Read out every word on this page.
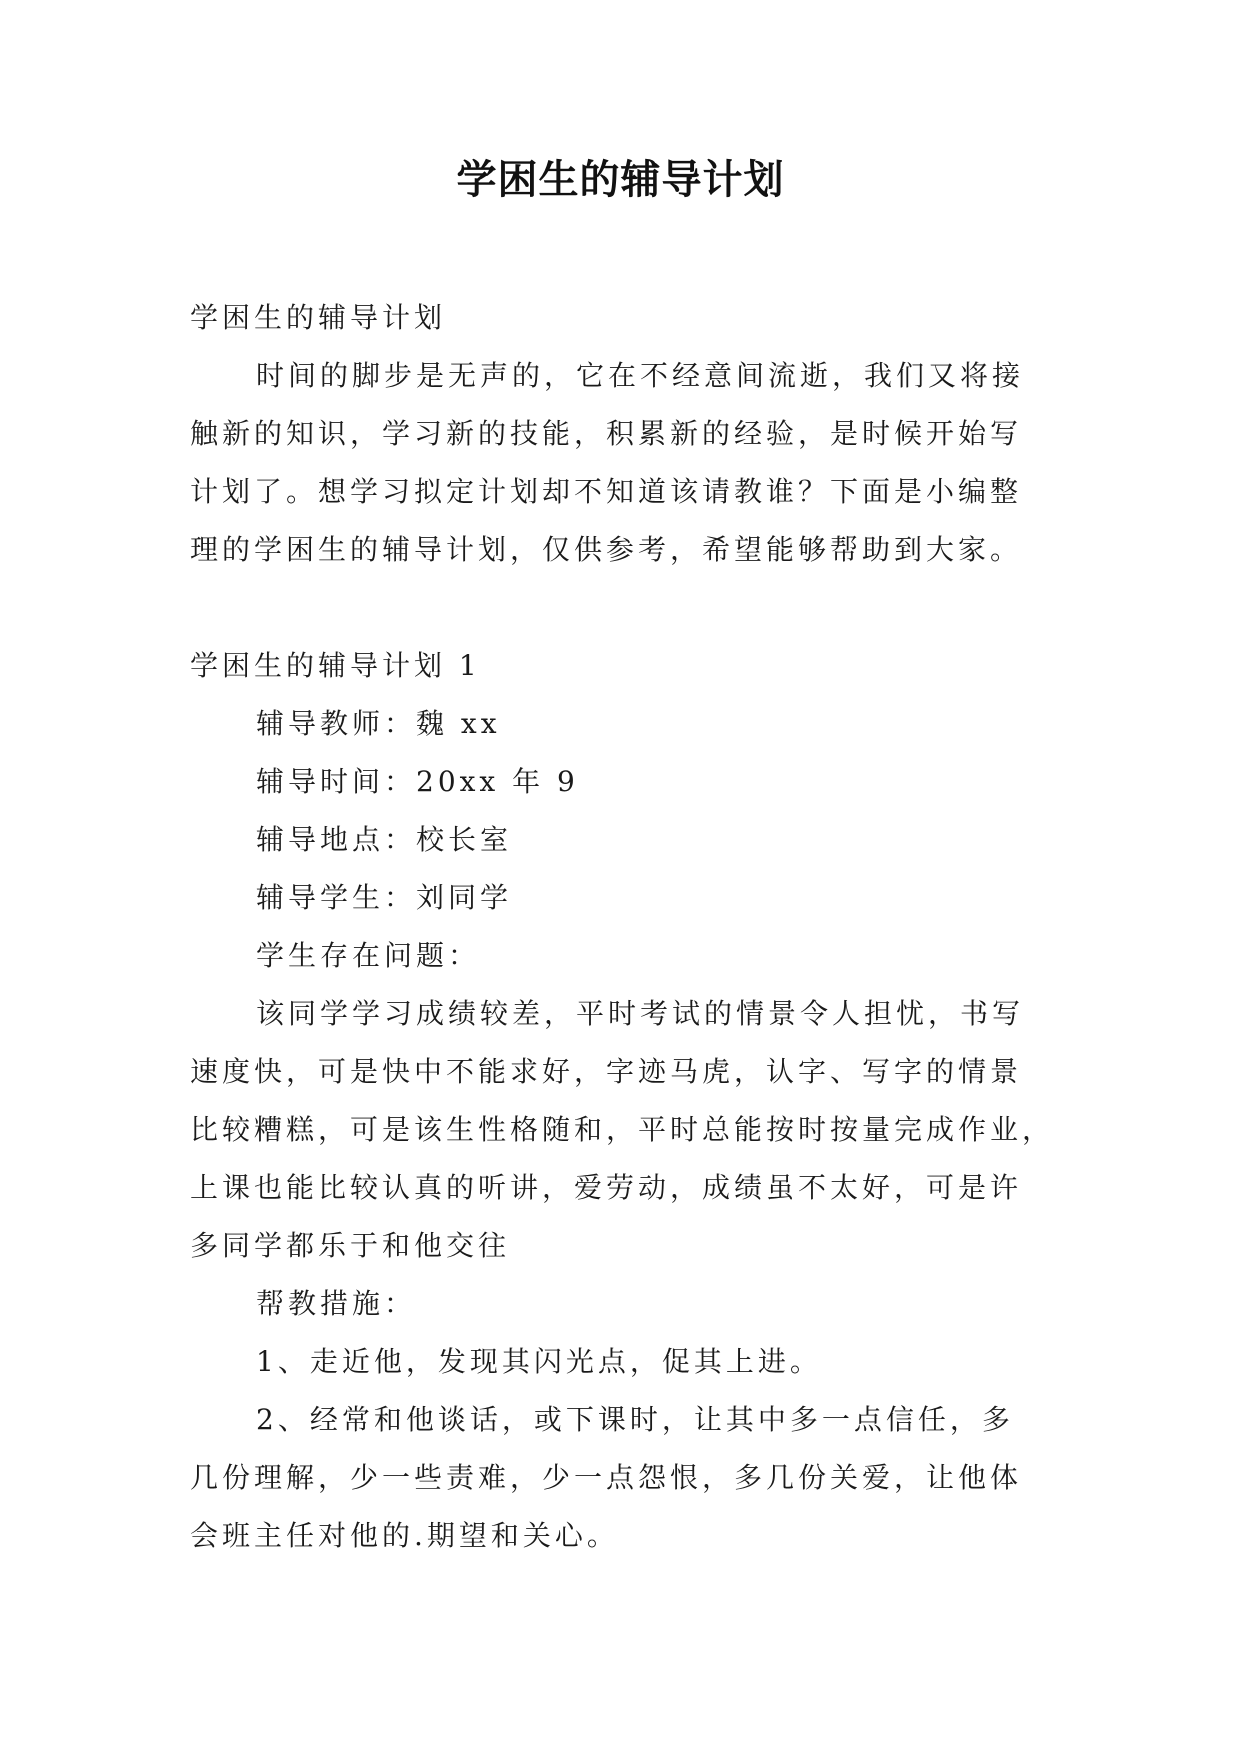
学困生的辅导计划
学困生的辅导计划
时间的脚步是无声的，它在不经意间流逝，我们又将接
触新的知识，学习新的技能，积累新的经验，是时候开始写
计划了。想学习拟定计划却不知道该请教谁？下面是小编整
理的学困生的辅导计划，仅供参考，希望能够帮助到大家。
学困生的辅导计划 1
辅导教师：魏 xx
辅导时间：20xx 年 9
辅导地点：校长室
辅导学生：刘同学
学生存在问题：
该同学学习成绩较差，平时考试的情景令人担忧，书写
速度快，可是快中不能求好，字迹马虎，认字、写字的情景
比较糟糕，可是该生性格随和，平时总能按时按量完成作业，
上课也能比较认真的听讲，爱劳动，成绩虽不太好，可是许
多同学都乐于和他交往
帮教措施：
1、走近他，发现其闪光点，促其上进。
2、经常和他谈话，或下课时，让其中多一点信任，多
几份理解，少一些责难，少一点怨恨，多几份关爱，让他体
会班主任对他的.期望和关心。
